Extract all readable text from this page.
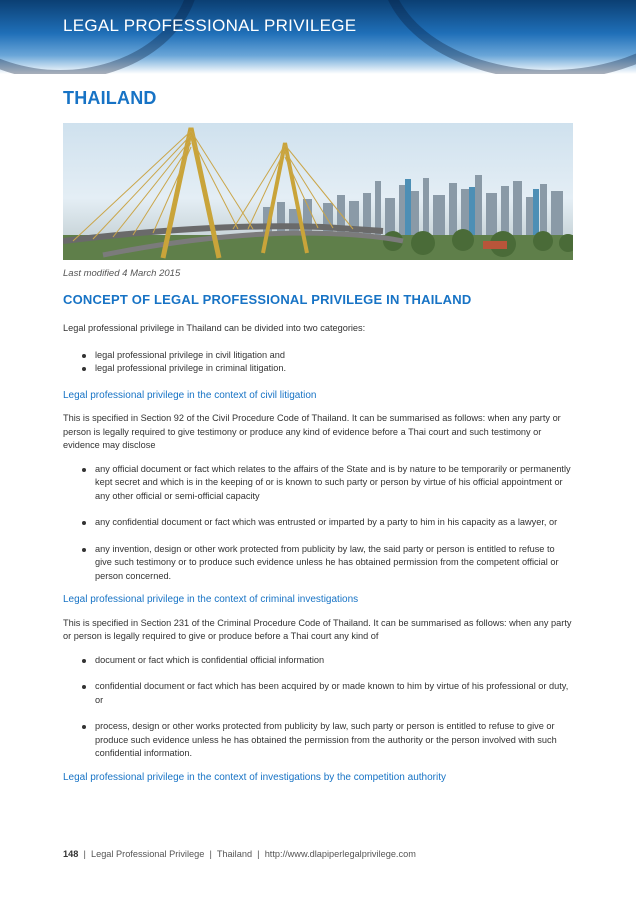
LEGAL PROFESSIONAL PRIVILEGE
THAILAND
Last modified 4 March 2015
CONCEPT OF LEGAL PROFESSIONAL PRIVILEGE IN THAILAND

Legal professional privilege in Thailand can be divided into two categories:

legal professional privilege in civil litigation and
legal professional privilege in criminal litigation.

Legal professional privilege in the context of civil litigation

This is specified in Section 92 of the Civil Procedure Code of Thailand. It can be summarised as follows: when any party or person is legally required to give testimony or produce any kind of evidence before a Thai court and such testimony or evidence may disclose

any official document or fact which relates to the affairs of the State and is by nature to be temporarily or permanently kept secret and which is in the keeping of or is known to such party or person by virtue of his official appointment or any other official or semi-official capacity
any confidential document or fact which was entrusted or imparted by a party to him in his capacity as a lawyer, or
any invention, design or other work protected from publicity by law, the said party or person is entitled to refuse to give such testimony or to produce such evidence unless he has obtained permission from the competent official or person concerned.

Legal professional privilege in the context of criminal investigations

This is specified in Section 231 of the Criminal Procedure Code of Thailand. It can be summarised as follows: when any party or person is legally required to give or produce before a Thai court any kind of

document or fact which is confidential official information
confidential document or fact which has been acquired by or made known to him by virtue of his professional or duty, or
process, design or other works protected from publicity by law, such party or person is entitled to refuse to give or produce such evidence unless he has obtained the permission from the authority or the person involved with such confidential information.

Legal professional privilege in the context of investigations by the competition authority

148  |  Legal Professional Privilege  |  Thailand  |  http://www.dlapiperlegalprivilege.com
